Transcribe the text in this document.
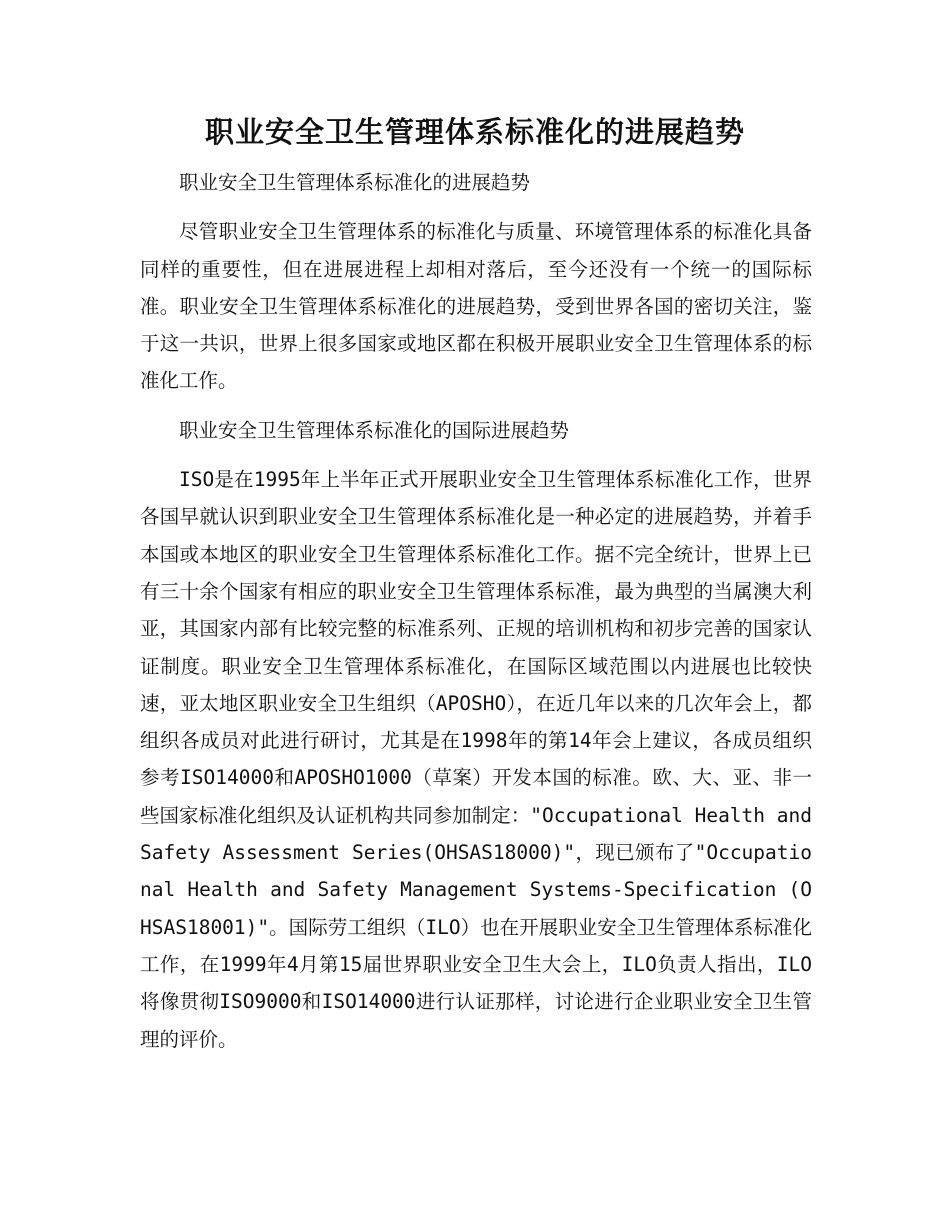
职业安全卫生管理体系标准化的进展趋势

职业安全卫生管理体系标准化的进展趋势

尽管职业安全卫生管理体系的标准化与质量、环境管理体系的标准化具备同样的重要性，但在进展进程上却相对落后，至今还没有一个统一的国际标准。职业安全卫生管理体系标准化的进展趋势，受到世界各国的密切关注，鉴于这一共识，世界上很多国家或地区都在积极开展职业安全卫生管理体系的标准化工作。

职业安全卫生管理体系标准化的国际进展趋势

ISO是在1995年上半年正式开展职业安全卫生管理体系标准化工作，世界各国早就认识到职业安全卫生管理体系标准化是一种必定的进展趋势，并着手本国或本地区的职业安全卫生管理体系标准化工作。据不完全统计，世界上已有三十余个国家有相应的职业安全卫生管理体系标准，最为典型的当属澳大利亚，其国家内部有比较完整的标准系列、正规的培训机构和初步完善的国家认证制度。职业安全卫生管理体系标准化，在国际区域范围以内进展也比较快速，亚太地区职业安全卫生组织（APOSHO），在近几年以来的几次年会上，都组织各成员对此进行研讨，尤其是在1998年的第14年会上建议，各成员组织参考ISO14000和APOSHO1000（草案）开发本国的标准。欧、大、亚、非一些国家标准化组织及认证机构共同参加制定："Occupational Health and Safety Assessment Series(OHSAS18000)"，现已颁布了"Occupational Health and Safety Management Systems-Specification (OHSAS18001)"。国际劳工组织（ILO）也在开展职业安全卫生管理体系标准化工作，在1999年4月第15届世界职业安全卫生大会上，ILO负责人指出，ILO将像贯彻ISO9000和ISO14000进行认证那样，讨论进行企业职业安全卫生管理的评价。
